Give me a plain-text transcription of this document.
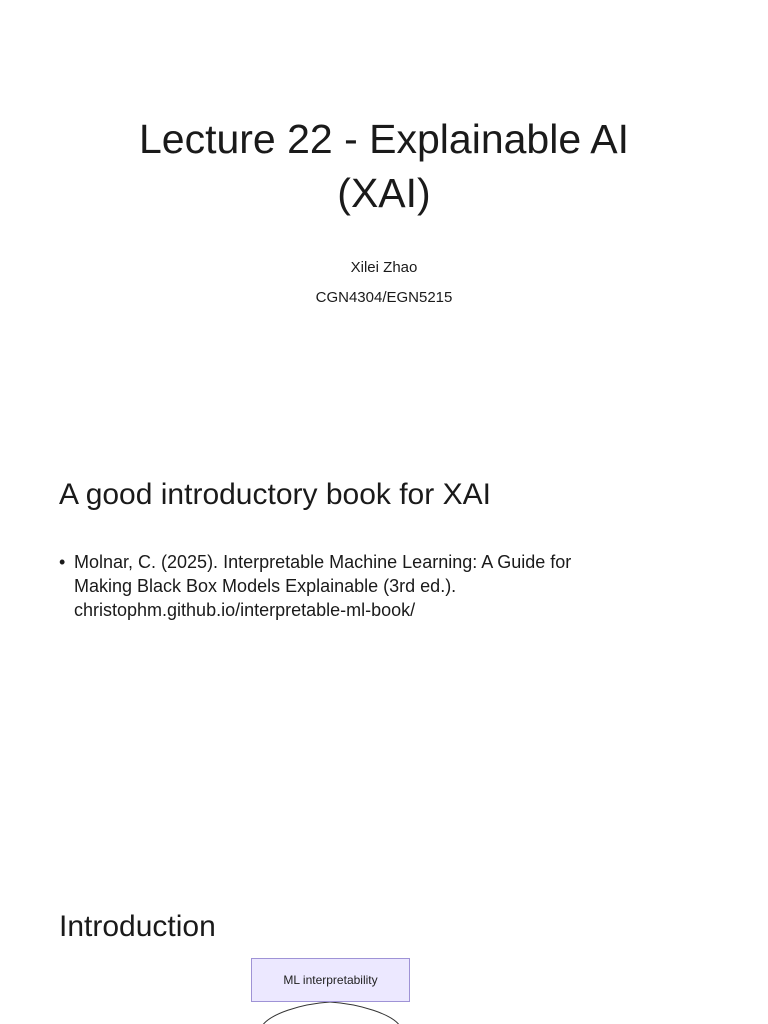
Lecture 22 - Explainable AI
(XAI)
Xilei Zhao
CGN4304/EGN5215
A good introductory book for XAI
• Molnar, C. (2025). Interpretable Machine Learning: A Guide for
Making Black Box Models Explainable (3rd ed.).
christophm.github.io/interpretable-ml-book/
Introduction
ML interpretability
